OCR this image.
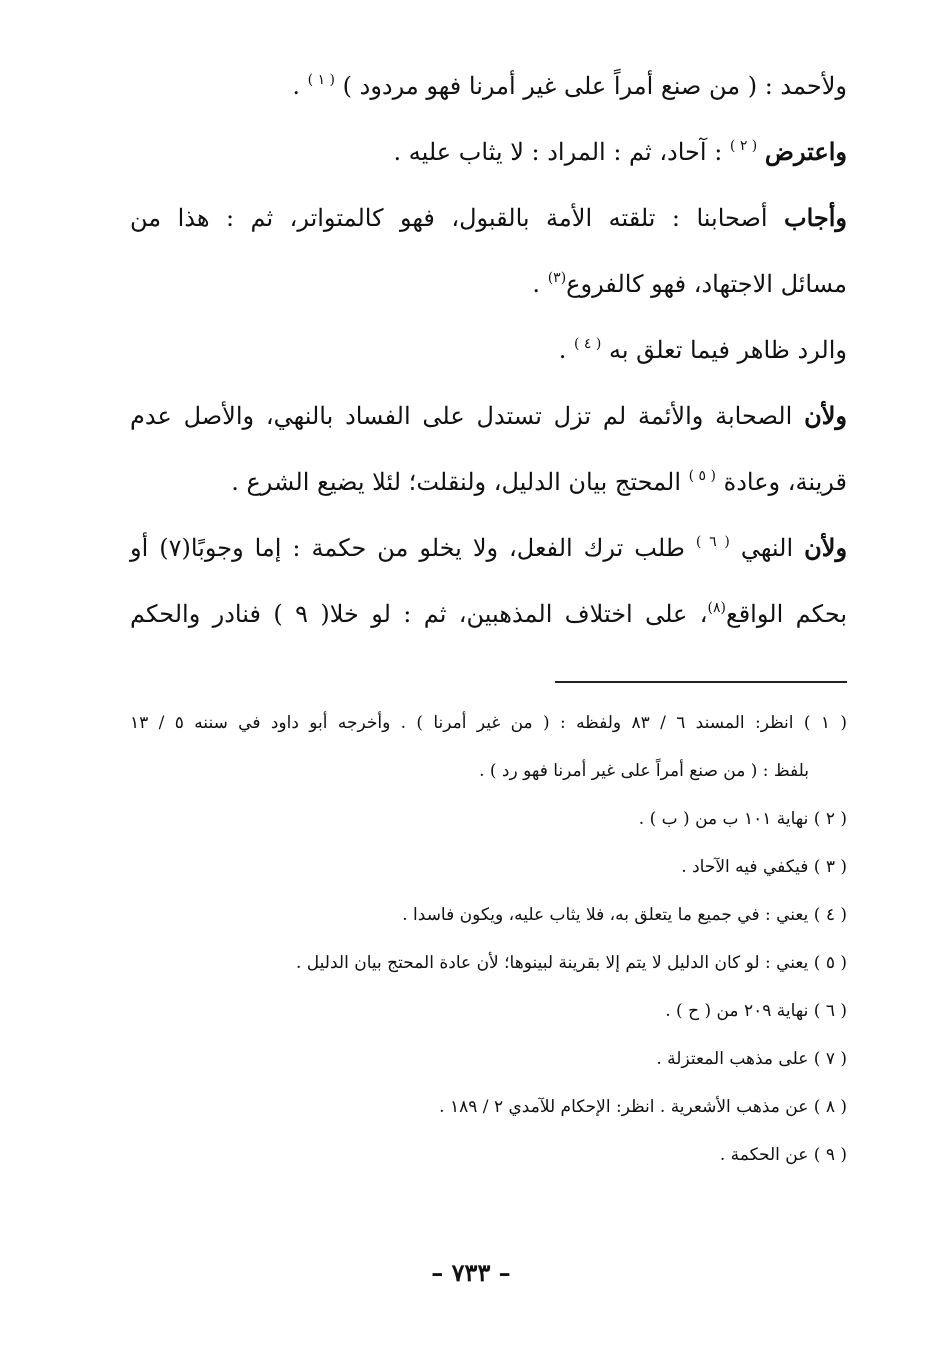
ولأحمد : ( من صنع أمراً على غير أمرنا فهو مردود ) $^{( ١ )}$ .
واعترض $^{( ٢ )}$ : آحاد، ثم : المراد : لا يثاب عليه .
وأجاب أصحابنا : تلقته الأمة بالقبول، فهو كالمتواتر، ثم : هذا من
مسائل الاجتهاد، فهو كالفروع$^{(٣)}$ .
والرد ظاهر فيما تعلق به $^{( ٤ )}$ .
ولأن الصحابة والأئمة لم تزل تستدل على الفساد بالنهي، والأصل عدم
قرينة، وعادة $^{( ٥ )}$ المحتج بيان الدليل، ولنقلت؛ لئلا يضيع الشرع .
ولأن النهي $^{( ٦ )}$ طلب ترك الفعل، ولا يخلو من حكمة : إما وجوبًا(٧) أو
بحكم الواقع$^{(٨)}$، على اختلاف المذهبين، ثم : لو خلا( ٩ ) فنادر والحكم
( ١ ) انظر: المسند ٦ / ٨٣ ولفظه : ( من غير أمرنا ) . وأخرجه أبو داود في سننه ٥ / ١٣
بلفظ : ( من صنع أمراً على غير أمرنا فهو رد ) .
( ٢ ) نهاية ١٠١ ب من ( ب ) .
( ٣ ) فيكفي فيه الآحاد .
( ٤ ) يعني : في جميع ما يتعلق به، فلا يثاب عليه، ويكون فاسدا .
( ٥ ) يعني : لو كان الدليل لا يتم إلا بقرينة لبينوها؛ لأن عادة المحتج بيان الدليل .
( ٦ ) نهاية ٢٠٩ من ( ح ) .
( ٧ ) على مذهب المعتزلة .
( ٨ ) عن مذهب الأشعرية . انظر: الإحكام للآمدي ٢ / ١٨٩ .
( ٩ ) عن الحكمة .
– ٧٣٣ –
